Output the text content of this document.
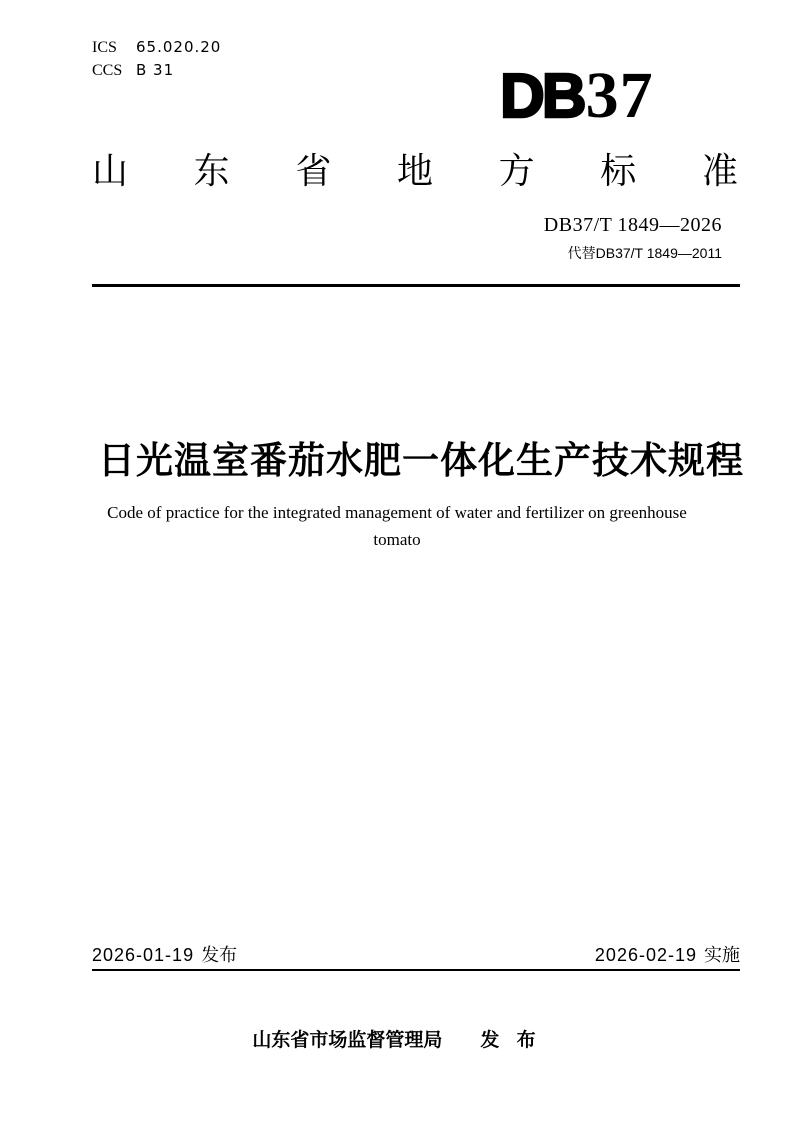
ICS 65.020.20
CCS B 31	DB37
山 东 省 地 方 标 准
DB37/T 1849—2026
代替DB37/T 1849—2011
日光温室番茄水肥一体化生产技术规程
Code of practice for the integrated management of water and fertilizer on greenhouse
tomato
2026-01-19 发布	2026-02-19 实施
山东省市场监督管理局 发 布
